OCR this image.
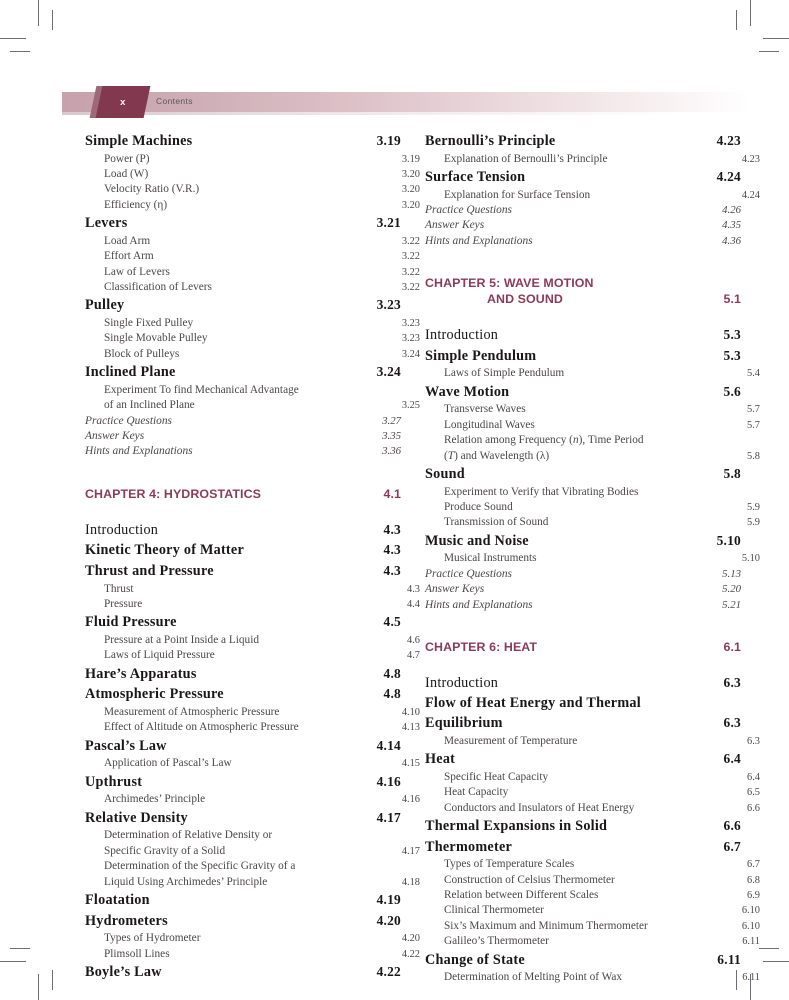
x	Contents
Simple Machines	3.19
Power (P)	3.19
Load (W)	3.20
Velocity Ratio (V.R.)	3.20
Efficiency (η)	3.20
Levers	3.21
Load Arm	3.22
Effort Arm	3.22
Law of Levers	3.22
Classification of Levers	3.22
Pulley	3.23
Single Fixed Pulley	3.23
Single Movable Pulley	3.23
Block of Pulleys	3.24
Inclined Plane	3.24
Experiment To find Mechanical Advantage
of an Inclined Plane	3.25
Practice Questions	3.27
Answer Keys	3.35
Hints and Explanations	3.36
CHAPTER 4: HYDROSTATICS	4.1
Introduction	4.3
Kinetic Theory of Matter	4.3
Thrust and Pressure	4.3
Thrust	4.3
Pressure	4.4
Fluid Pressure	4.5
Pressure at a Point Inside a Liquid	4.6
Laws of Liquid Pressure	4.7
Hare’s Apparatus	4.8
Atmospheric Pressure	4.8
Measurement of Atmospheric Pressure	4.10
Effect of Altitude on Atmospheric Pressure	4.13
Pascal’s Law	4.14
Application of Pascal’s Law	4.15
Upthrust	4.16
Archimedes’ Principle	4.16
Relative Density	4.17
Determination of Relative Density or
Specific Gravity of a Solid	4.17
Determination of the Specific Gravity of a
Liquid Using Archimedes’ Principle	4.18
Floatation	4.19
Hydrometers	4.20
Types of Hydrometer	4.20
Plimsoll Lines	4.22
Boyle’s Law	4.22
Bernoulli’s Principle	4.23
Explanation of Bernoulli’s Principle	4.23
Surface Tension	4.24
Explanation for Surface Tension	4.24
Practice Questions	4.26
Answer Keys	4.35
Hints and Explanations	4.36
CHAPTER 5: WAVE MOTION
AND SOUND	5.1
Introduction	5.3
Simple Pendulum	5.3
Laws of Simple Pendulum	5.4
Wave Motion	5.6
Transverse Waves	5.7
Longitudinal Waves	5.7
Relation among Frequency (n), Time Period
(T) and Wavelength (λ)	5.8
Sound	5.8
Experiment to Verify that Vibrating Bodies
Produce Sound	5.9
Transmission of Sound	5.9
Music and Noise	5.10
Musical Instruments	5.10
Practice Questions	5.13
Answer Keys	5.20
Hints and Explanations	5.21
CHAPTER 6: HEAT	6.1
Introduction	6.3
Flow of Heat Energy and Thermal
Equilibrium	6.3
Measurement of Temperature	6.3
Heat	6.4
Specific Heat Capacity	6.4
Heat Capacity	6.5
Conductors and Insulators of Heat Energy	6.6
Thermal Expansions in Solid	6.6
Thermometer	6.7
Types of Temperature Scales	6.7
Construction of Celsius Thermometer	6.8
Relation between Different Scales	6.9
Clinical Thermometer	6.10
Six’s Maximum and Minimum Thermometer	6.10
Galileo’s Thermometer	6.11
Change of State	6.11
Determination of Melting Point of Wax	6.11
